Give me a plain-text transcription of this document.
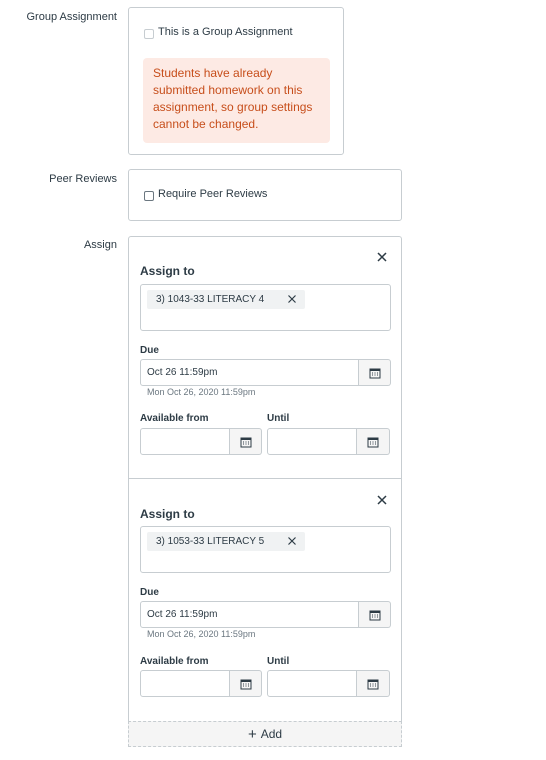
Group Assignment
This is a Group Assignment
Students have already submitted homework on this assignment, so group settings cannot be changed.
Peer Reviews
Require Peer Reviews
Assign
Assign to
3) 1043-33 LITERACY 4
Due
Oct 26 11:59pm
Mon Oct 26, 2020 11:59pm
Available from	Until
Assign to
3) 1053-33 LITERACY 5
Due
Oct 26 11:59pm
Mon Oct 26, 2020 11:59pm
Available from	Until
+ Add
